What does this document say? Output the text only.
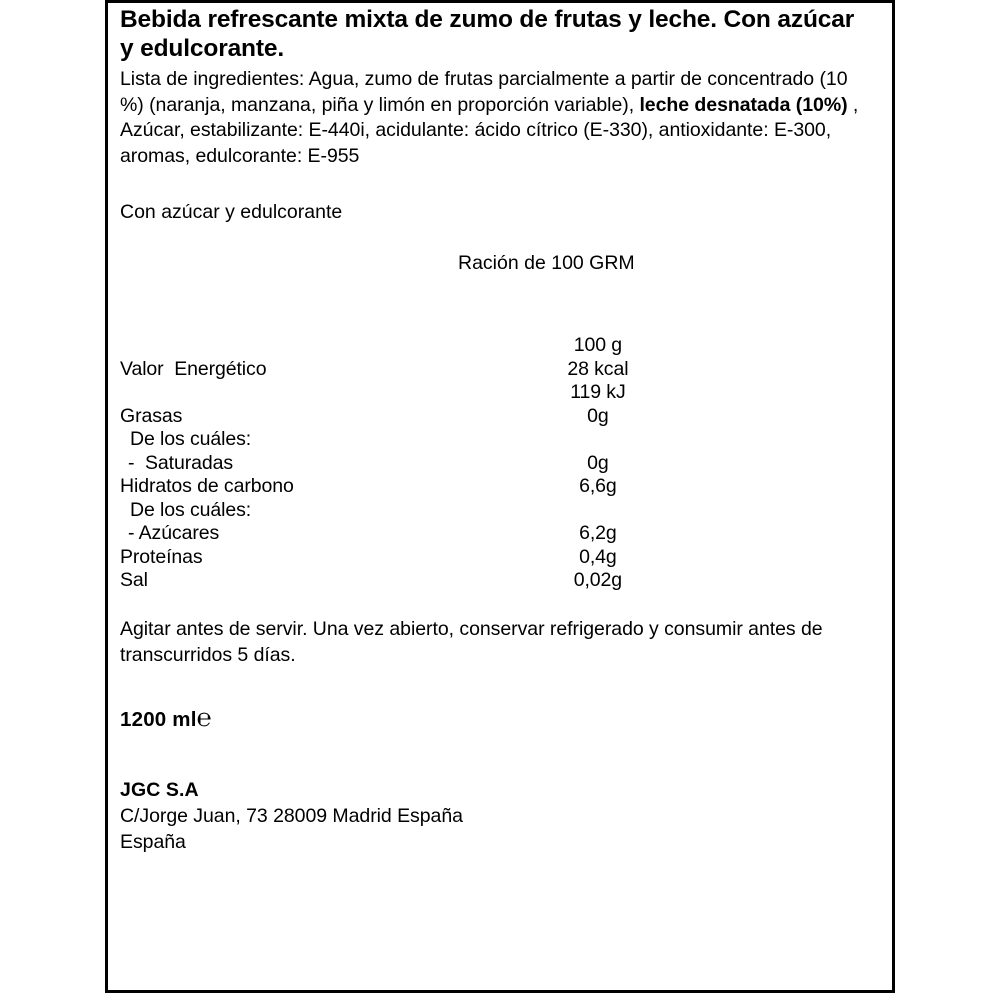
Bebida refrescante mixta de zumo de frutas y leche. Con azúcar y edulcorante.

Lista de ingredientes: Agua, zumo de frutas parcialmente a partir de concentrado (10 %) (naranja, manzana, piña y limón en proporción variable), leche desnatada (10%) , Azúcar, estabilizante: E-440i, acidulante: ácido cítrico (E-330), antioxidante: E-300, aromas, edulcorante: E-955

Con azúcar y edulcorante
Ración de 100 GRM
	100 g
Valor  Energético	28 kcal
	119 kJ
Grasas	0g
De los cuáles:	
-  Saturadas	0g
Hidratos de carbono	6,6g
De los cuáles:	
- Azúcares	6,2g
Proteínas	0,4g
Sal	0,02g

Agitar antes de servir. Una vez abierto, conservar refrigerado y consumir antes de transcurridos 5 días.

1200 ml℮
JGC S.A
C/Jorge Juan, 73 28009 Madrid España
España
